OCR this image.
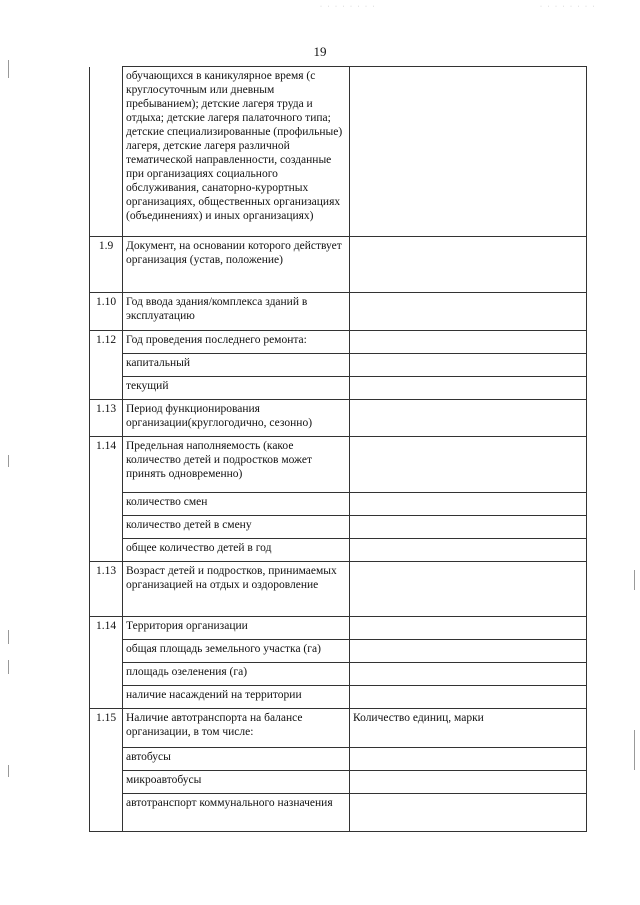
· · · · · · · ·	· · · · · · · ·
19
	обучающихся в каникулярное время (с круглосуточным или дневным пребыванием); детские лагеря труда и отдыха; детские лагеря палаточного типа; детские специализированные (профильные) лагеря, детские лагеря различной тематической направленности, созданные при организациях социального обслуживания, санаторно-курортных организациях, общественных организациях (объединениях) и иных организациях)	
1.9	Документ, на основании которого действует организация (устав, положение)	
1.10	Год ввода здания/комплекса зданий в эксплуатацию	
1.12	Год проведения последнего ремонта:	
	капитальный	
	текущий	
1.13	Период функционирования организации(круглогодично, сезонно)	
1.14	Предельная наполняемость (какое количество детей и подростков может принять одновременно)	
	количество смен	
	количество детей в смену	
	общее количество детей в год	
1.13	Возраст детей и подростков, принимаемых организацией на отдых и оздоровление	
1.14	Территория организации	
	общая площадь земельного участка (га)	
	площадь озеленения (га)	
	наличие насаждений на территории	
1.15	Наличие автотранспорта на балансе организации, в том числе:	Количество единиц, марки
	автобусы	
	микроавтобусы	
	автотранспорт коммунального назначения	
